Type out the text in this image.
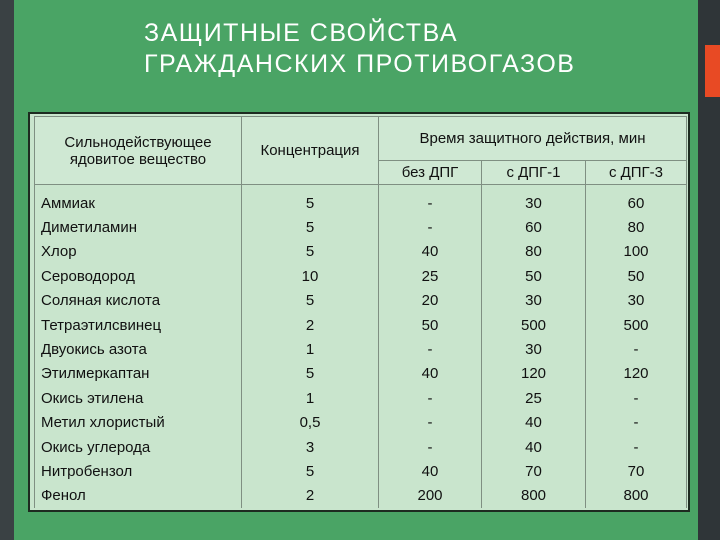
ЗАЩИТНЫЕ СВОЙСТВА
ГРАЖДАНСКИХ ПРОТИВОГАЗОВ
Сильнодействующее ядовитое вещество	Концентрация	Время защитного действия, мин		
		без ДПГ	с ДПГ-1	с ДПГ-3
Аммиак	5	-	30	60
Диметиламин	5	-	60	80
Хлор	5	40	80	100
Сероводород	10	25	50	50
Соляная кислота	5	20	30	30
Тетраэтилсвинец	2	50	500	500
Двуокись азота	1	-	30	-
Этилмеркаптан	5	40	120	120
Окись этилена	1	-	25	-
Метил хлористый	0,5	-	40	-
Окись углерода	3	-	40	-
Нитробензол	5	40	70	70
Фенол	2	200	800	800
